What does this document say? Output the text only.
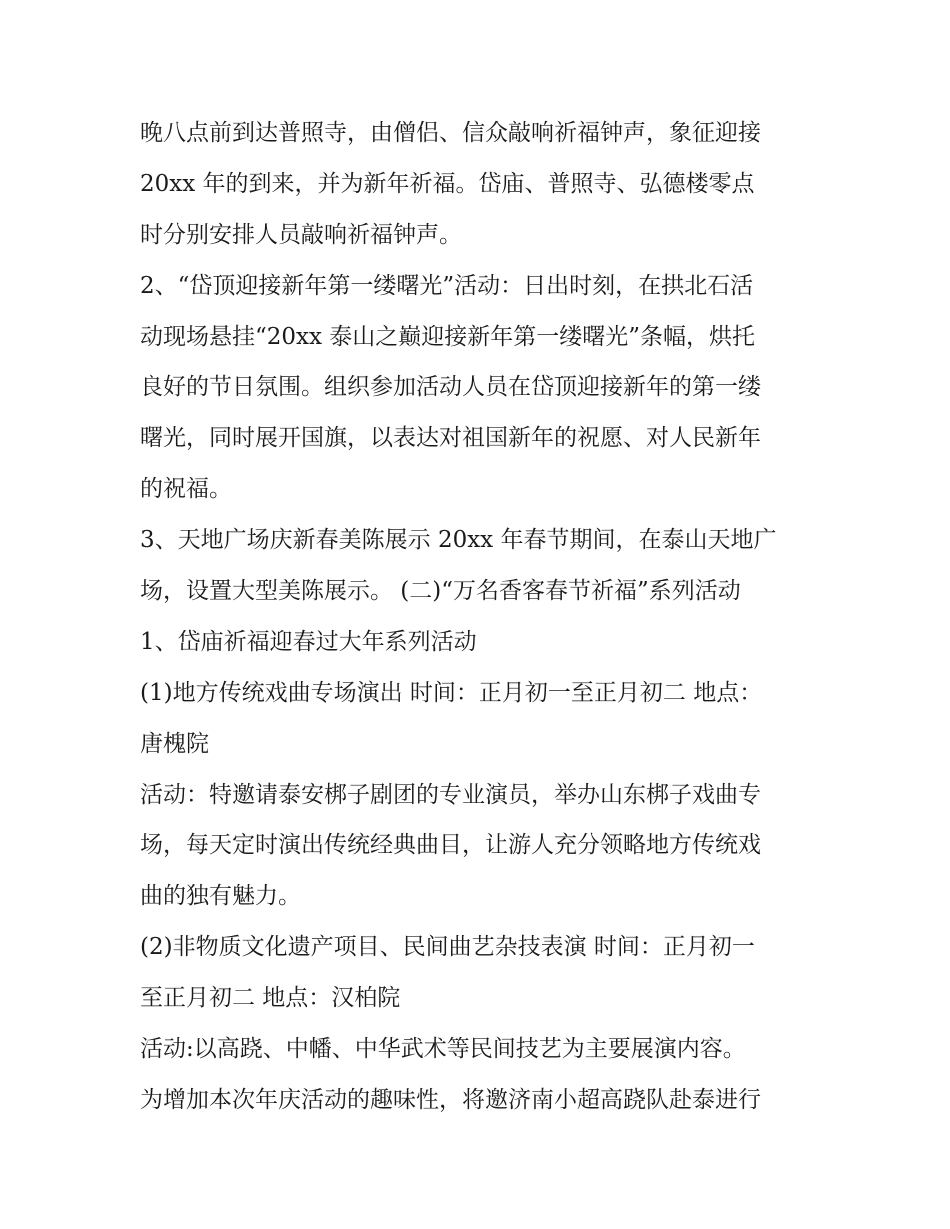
晚八点前到达普照寺，由僧侣、信众敲响祈福钟声，象征迎接
20xx 年的到来，并为新年祈福。岱庙、普照寺、弘德楼零点
时分别安排人员敲响祈福钟声。
2、“岱顶迎接新年第一缕曙光”活动：日出时刻，在拱北石活
动现场悬挂“20xx 泰山之巅迎接新年第一缕曙光”条幅，烘托
良好的节日氛围。组织参加活动人员在岱顶迎接新年的第一缕
曙光，同时展开国旗，以表达对祖国新年的祝愿、对人民新年
的祝福。
3、天地广场庆新春美陈展示 20xx 年春节期间，在泰山天地广
场，设置大型美陈展示。 (二)“万名香客春节祈福”系列活动
1、岱庙祈福迎春过大年系列活动
(1)地方传统戏曲专场演出 时间：正月初一至正月初二 地点：
唐槐院
活动：特邀请泰安梆子剧团的专业演员，举办山东梆子戏曲专
场，每天定时演出传统经典曲目，让游人充分领略地方传统戏
曲的独有魅力。
(2)非物质文化遗产项目、民间曲艺杂技表演 时间：正月初一
至正月初二 地点：汉柏院
活动:以高跷、中幡、中华武术等民间技艺为主要展演内容。
为增加本次年庆活动的趣味性，将邀济南小超高跷队赴泰进行
